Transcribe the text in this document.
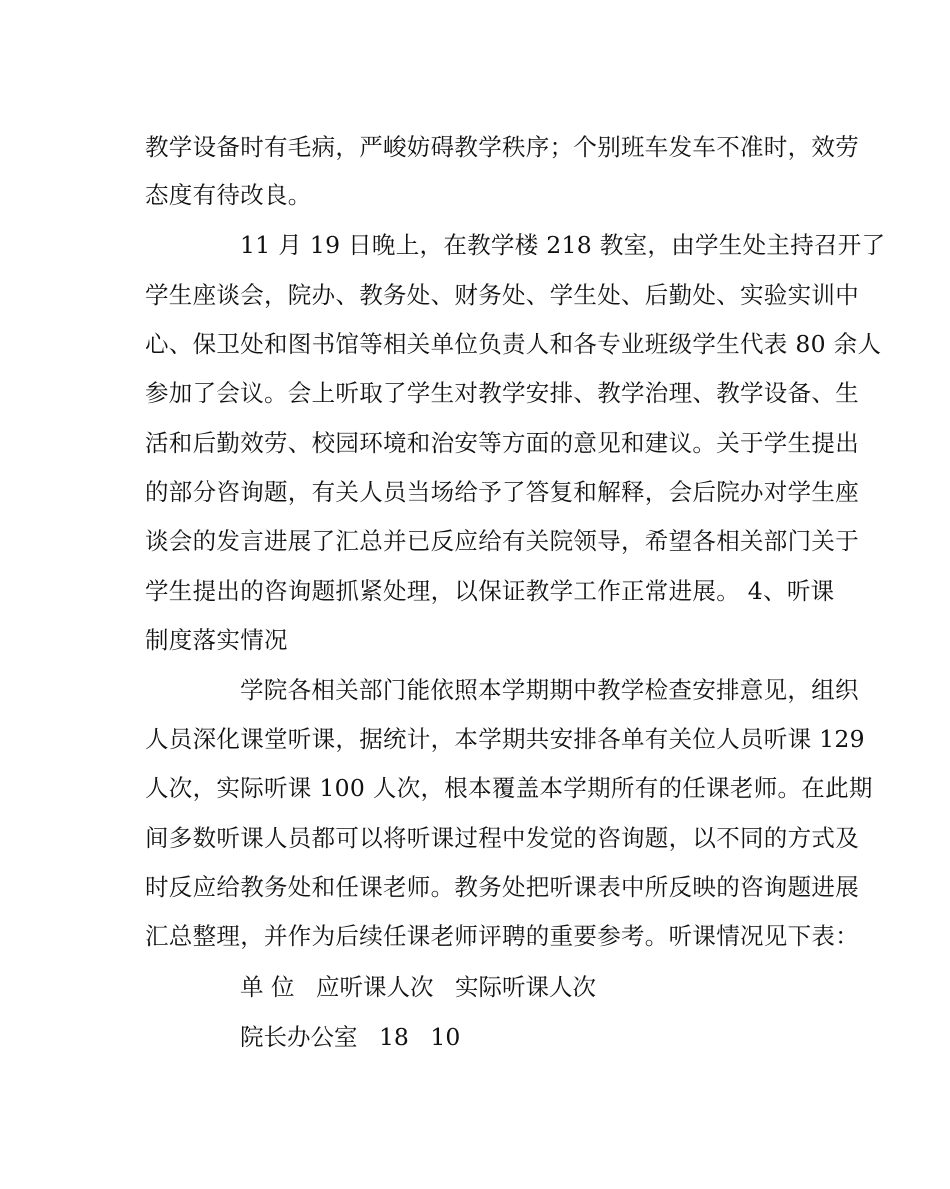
教学设备时有毛病，严峻妨碍教学秩序；个别班车发车不准时，效劳
态度有待改良。
11 月 19 日晚上，在教学楼 218 教室，由学生处主持召开了
学生座谈会，院办、教务处、财务处、学生处、后勤处、实验实训中
心、保卫处和图书馆等相关单位负责人和各专业班级学生代表 80 余人
参加了会议。会上听取了学生对教学安排、教学治理、教学设备、生
活和后勤效劳、校园环境和治安等方面的意见和建议。关于学生提出
的部分咨询题，有关人员当场给予了答复和解释，会后院办对学生座
谈会的发言进展了汇总并已反应给有关院领导，希望各相关部门关于
学生提出的咨询题抓紧处理，以保证教学工作正常进展。 4、听课
制度落实情况
学院各相关部门能依照本学期期中教学检查安排意见，组织
人员深化课堂听课，据统计，本学期共安排各单有关位人员听课 129
人次，实际听课 100 人次，根本覆盖本学期所有的任课老师。在此期
间多数听课人员都可以将听课过程中发觉的咨询题，以不同的方式及
时反应给教务处和任课老师。教务处把听课表中所反映的咨询题进展
汇总整理，并作为后续任课老师评聘的重要参考。听课情况见下表：
单 位 应听课人次 实际听课人次
院长办公室 18 10
